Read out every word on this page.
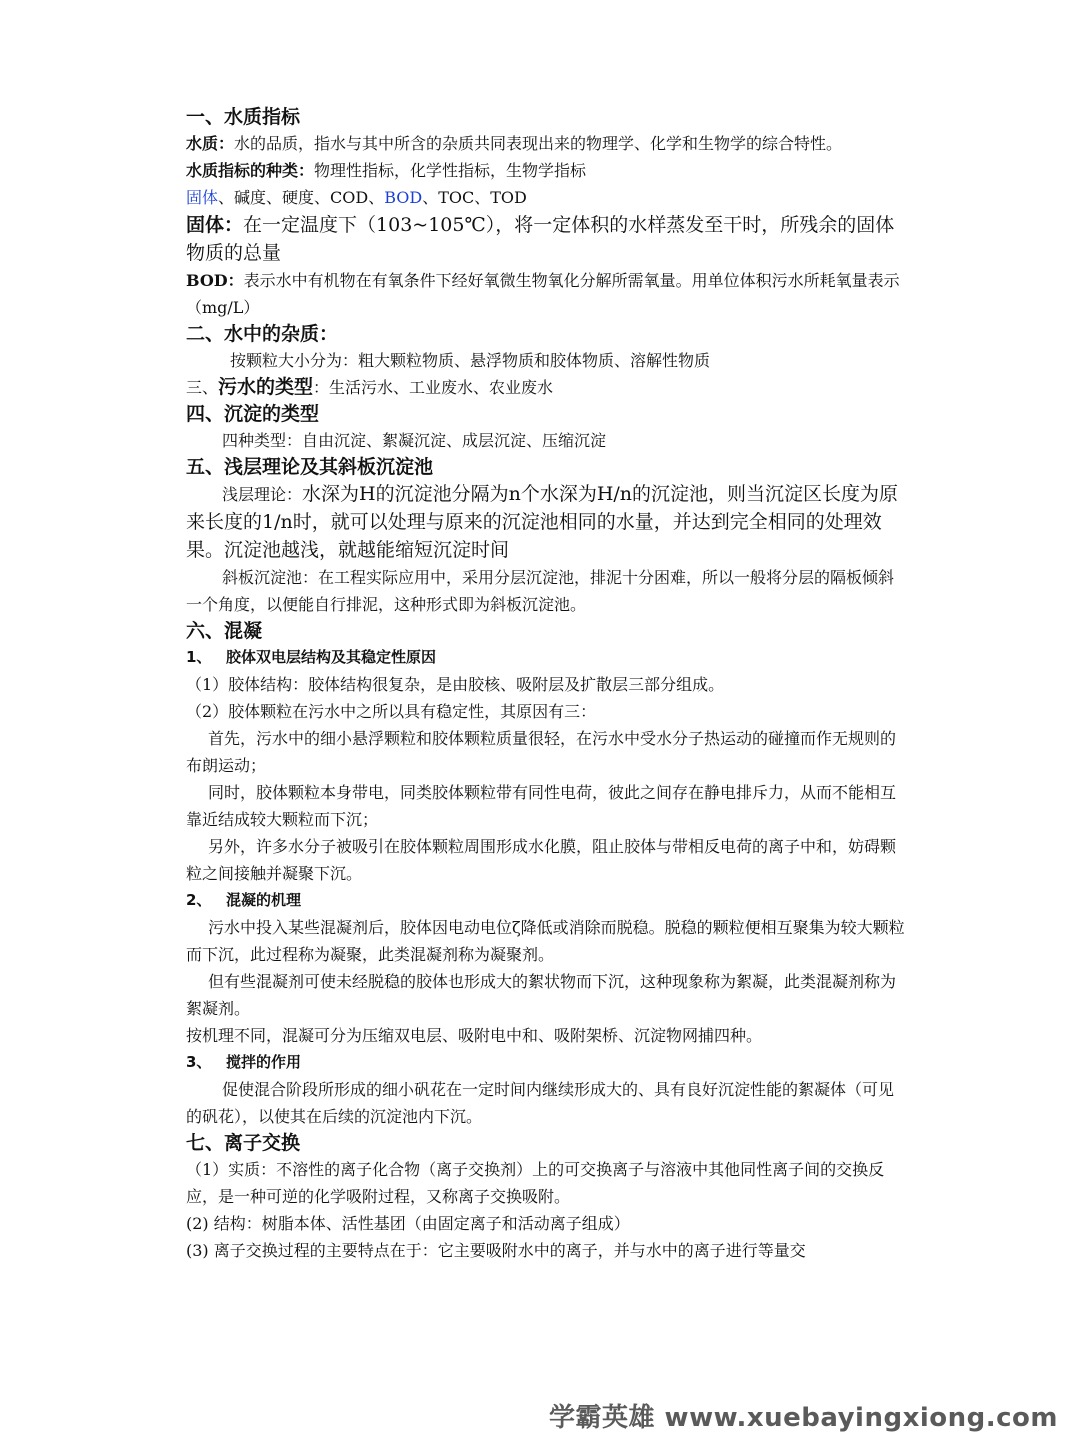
一、水质指标

水质：水的品质，指水与其中所含的杂质共同表现出来的物理学、化学和生物学的综合特性。

水质指标的种类：物理性指标，化学性指标，生物学指标

固体、碱度、硬度、COD、BOD、TOC、TOD

固体：在一定温度下（103~105℃），将一定体积的水样蒸发至干时，所残余的固体物质的总量

BOD：表示水中有机物在有氧条件下经好氧微生物氧化分解所需氧量。用单位体积污水所耗氧量表示（mg/L）

二、水中的杂质：

按颗粒大小分为：粗大颗粒物质、悬浮物质和胶体物质、溶解性物质

三、污水的类型：生活污水、工业废水、农业废水

四、沉淀的类型

四种类型：自由沉淀、絮凝沉淀、成层沉淀、压缩沉淀

五、浅层理论及其斜板沉淀池

浅层理论：水深为H的沉淀池分隔为n个水深为H/n的沉淀池，则当沉淀区长度为原来长度的1/n时，就可以处理与原来的沉淀池相同的水量，并达到完全相同的处理效果。沉淀池越浅，就越能缩短沉淀时间

斜板沉淀池：在工程实际应用中，采用分层沉淀池，排泥十分困难，所以一般将分层的隔板倾斜一个角度，以便能自行排泥，这种形式即为斜板沉淀池。

六、混凝

1、 胶体双电层结构及其稳定性原因

（1）胶体结构：胶体结构很复杂，是由胶核、吸附层及扩散层三部分组成。

（2）胶体颗粒在污水中之所以具有稳定性，其原因有三：

首先，污水中的细小悬浮颗粒和胶体颗粒质量很轻，在污水中受水分子热运动的碰撞而作无规则的布朗运动；

同时，胶体颗粒本身带电，同类胶体颗粒带有同性电荷，彼此之间存在静电排斥力，从而不能相互靠近结成较大颗粒而下沉；

另外，许多水分子被吸引在胶体颗粒周围形成水化膜，阻止胶体与带相反电荷的离子中和，妨碍颗粒之间接触并凝聚下沉。

2、 混凝的机理

污水中投入某些混凝剂后，胶体因电动电位ζ降低或消除而脱稳。脱稳的颗粒便相互聚集为较大颗粒而下沉，此过程称为凝聚，此类混凝剂称为凝聚剂。

但有些混凝剂可使未经脱稳的胶体也形成大的絮状物而下沉，这种现象称为絮凝，此类混凝剂称为絮凝剂。

按机理不同，混凝可分为压缩双电层、吸附电中和、吸附架桥、沉淀物网捕四种。

3、 搅拌的作用

促使混合阶段所形成的细小矾花在一定时间内继续形成大的、具有良好沉淀性能的絮凝体（可见的矾花），以使其在后续的沉淀池内下沉。

七、离子交换

（1）实质：不溶性的离子化合物（离子交换剂）上的可交换离子与溶液中其他同性离子间的交换反应，是一种可逆的化学吸附过程，又称离子交换吸附。

(2) 结构：树脂本体、活性基团（由固定离子和活动离子组成）

(3) 离子交换过程的主要特点在于：它主要吸附水中的离子，并与水中的离子进行等量交

学霸英雄 www.xuebayingxiong.com
